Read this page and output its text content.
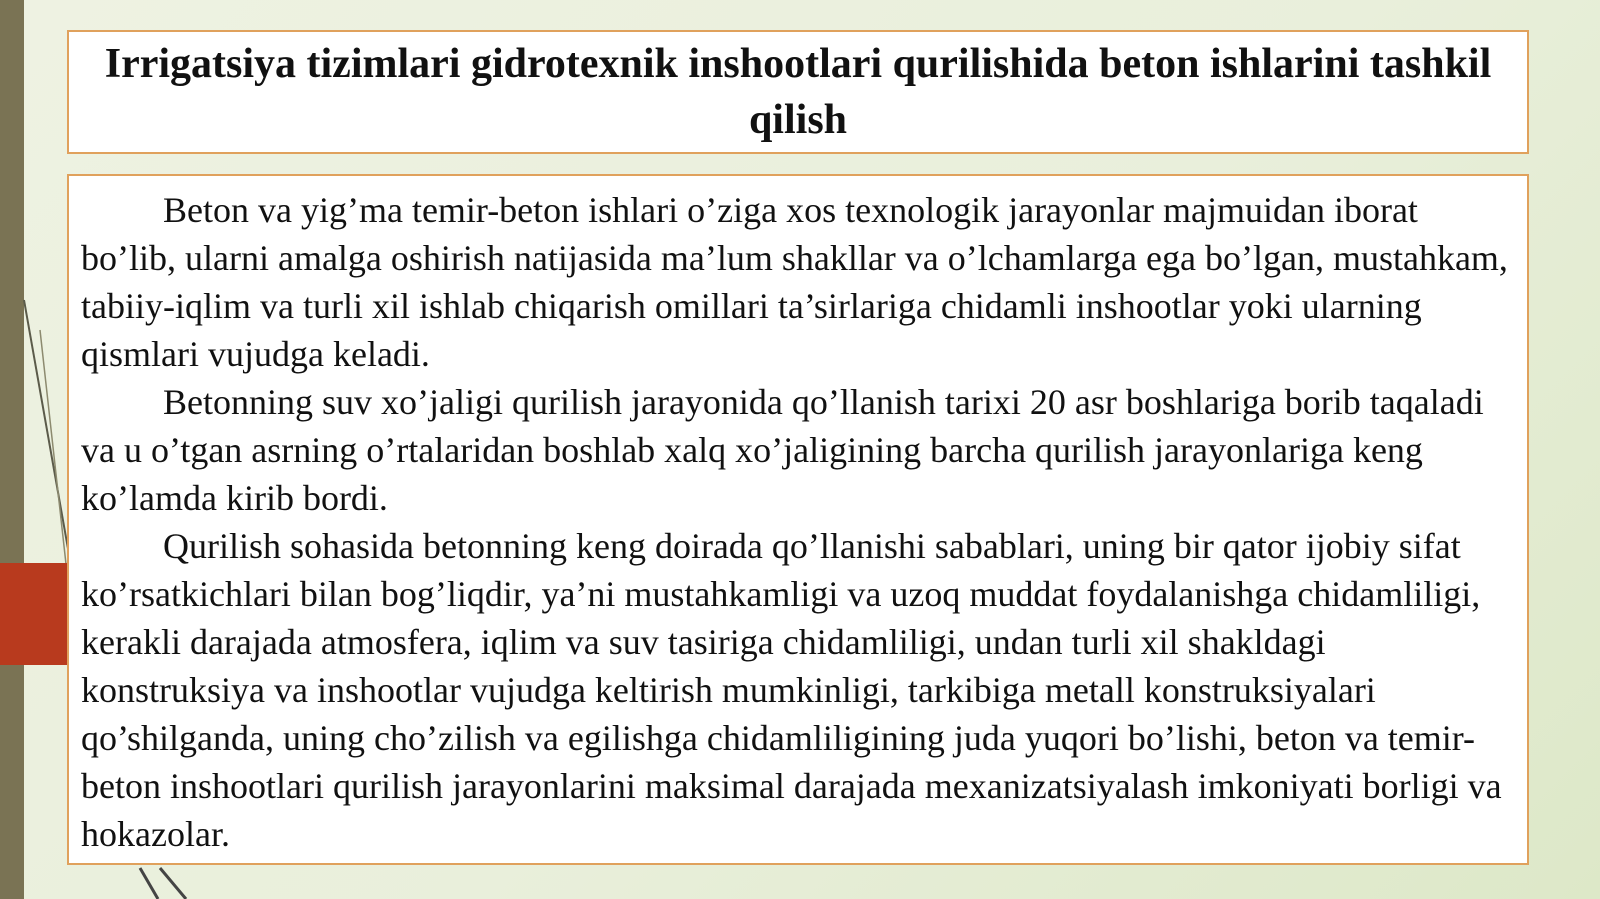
Irrigatsiya tizimlari gidrotexnik inshootlari qurilishida beton ishlarini tashkil qilish

Beton va yig’ma temir-beton ishlari o’ziga xos texnologik jarayonlar majmuidan iborat bo’lib, ularni amalga oshirish natijasida ma’lum shakllar va o’lchamlarga ega bo’lgan, mustahkam, tabiiy-iqlim va turli xil ishlab chiqarish omillari ta’sirlariga chidamli inshootlar yoki ularning qismlari vujudga keladi.

Betonning suv xo’jaligi qurilish jarayonida qo’llanish tarixi 20 asr boshlariga borib taqaladi va u o’tgan asrning o’rtalaridan boshlab xalq xo’jaligining barcha qurilish jarayonlariga keng ko’lamda kirib bordi.

Qurilish sohasida betonning keng doirada qo’llanishi sabablari, uning bir qator ijobiy sifat ko’rsatkichlari bilan bog’liqdir, ya’ni mustahkamligi va uzoq muddat foydalanishga chidamliligi, kerakli darajada atmosfera, iqlim va suv tasiriga chidamliligi, undan turli xil shakldagi konstruksiya va inshootlar vujudga keltirish mumkinligi, tarkibiga metall konstruksiyalari qo’shilganda, uning cho’zilish va egilishga chidamliligining juda yuqori bo’lishi, beton va temir-beton inshootlari qurilish jarayonlarini maksimal darajada mexanizatsiyalash imkoniyati borligi va hokazolar.
